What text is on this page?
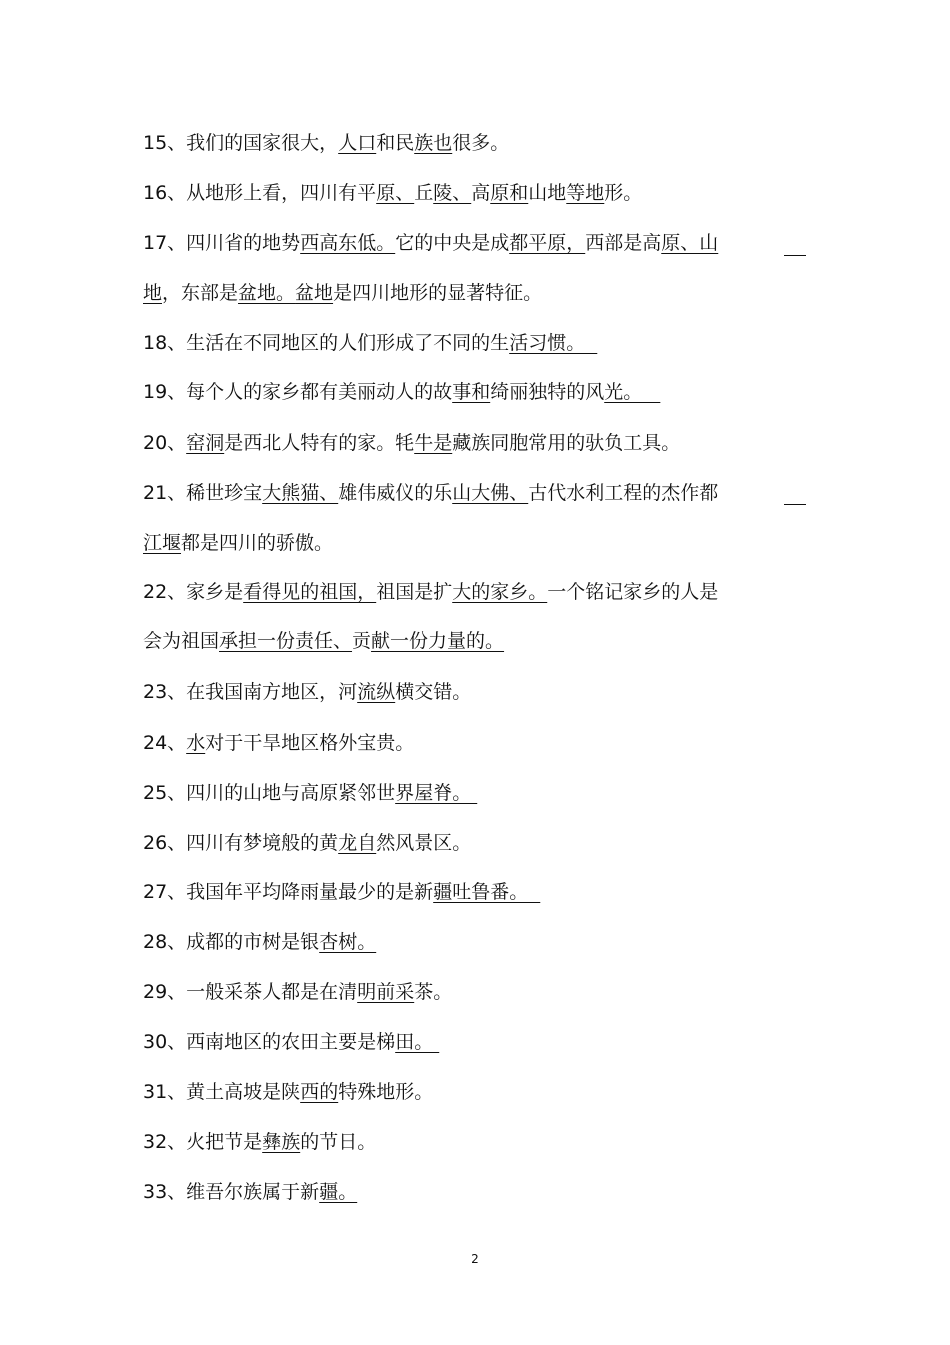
15、我们的国家很大，人口和民族也很多。
16、从地形上看，四川有平原、丘陵、高原和山地等地形。
17、四川省的地势西高东低。它的中央是成都平原，西部是高原、山
地，东部是盆地。盆地是四川地形的显著特征。
18、生活在不同地区的人们形成了不同的生活习惯。
19、每个人的家乡都有美丽动人的故事和绮丽独特的风光。
20、窑洞是西北人特有的家。牦牛是藏族同胞常用的驮负工具。
21、稀世珍宝大熊猫、雄伟威仪的乐山大佛、古代水利工程的杰作都
江堰都是四川的骄傲。
22、家乡是看得见的祖国，祖国是扩大的家乡。一个铭记家乡的人是
会为祖国承担一份责任、贡献一份力量的。
23、在我国南方地区，河流纵横交错。
24、水对于干旱地区格外宝贵。
25、四川的山地与高原紧邻世界屋脊。
26、四川有梦境般的黄龙自然风景区。
27、我国年平均降雨量最少的是新疆吐鲁番。
28、成都的市树是银杏树。
29、一般采茶人都是在清明前采茶。
30、西南地区的农田主要是梯田。
31、黄土高坡是陕西的特殊地形。
32、火把节是彝族的节日。
33、维吾尔族属于新疆。
2
